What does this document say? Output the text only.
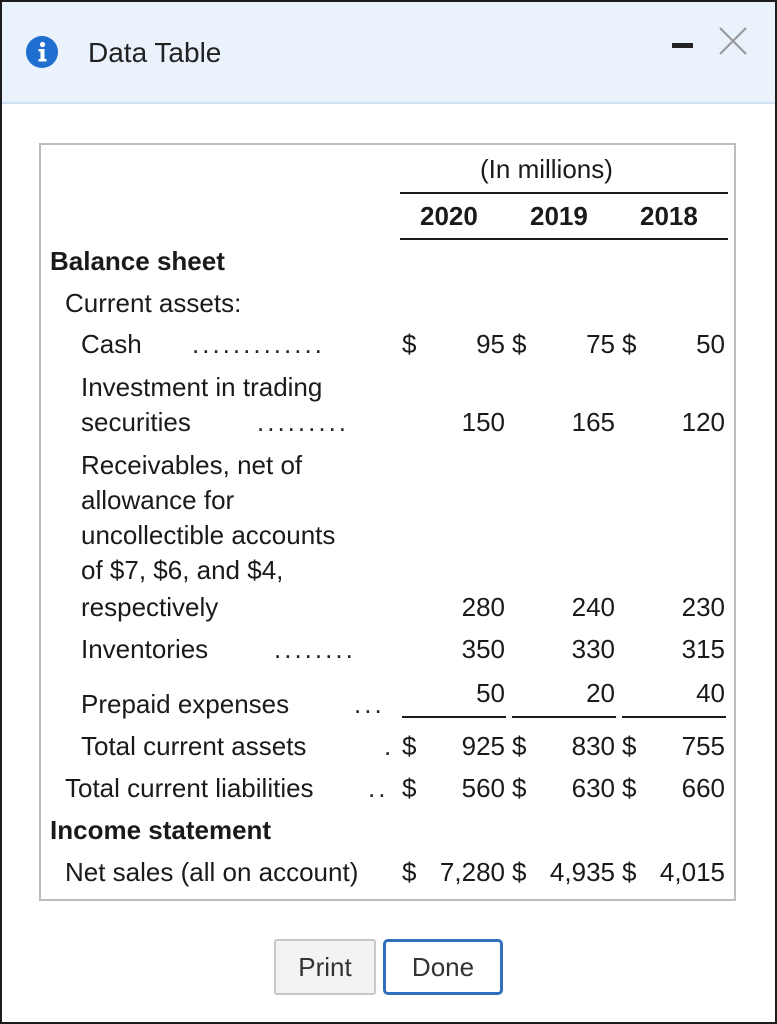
Data Table
(In millions)
2020 2019 2018
Balance sheet
Current assets:
Cash .............	$	95 $	75 $	50
Investment in trading
securities	.........	150	165	120
Receivables, net of
allowance for
uncollectible accounts
of $7, $6, and $4,
respectively	280	240	230
Inventories	........	350	330	315
Prepaid expenses ...	50	20	40
Total current assets	. $	925 $	830 $	755
Total current liabilities .. $	560 $	630 $	660
Income statement
Net sales (all on account) $ 7,280 $ 4,935 $ 4,015
Print	Done
